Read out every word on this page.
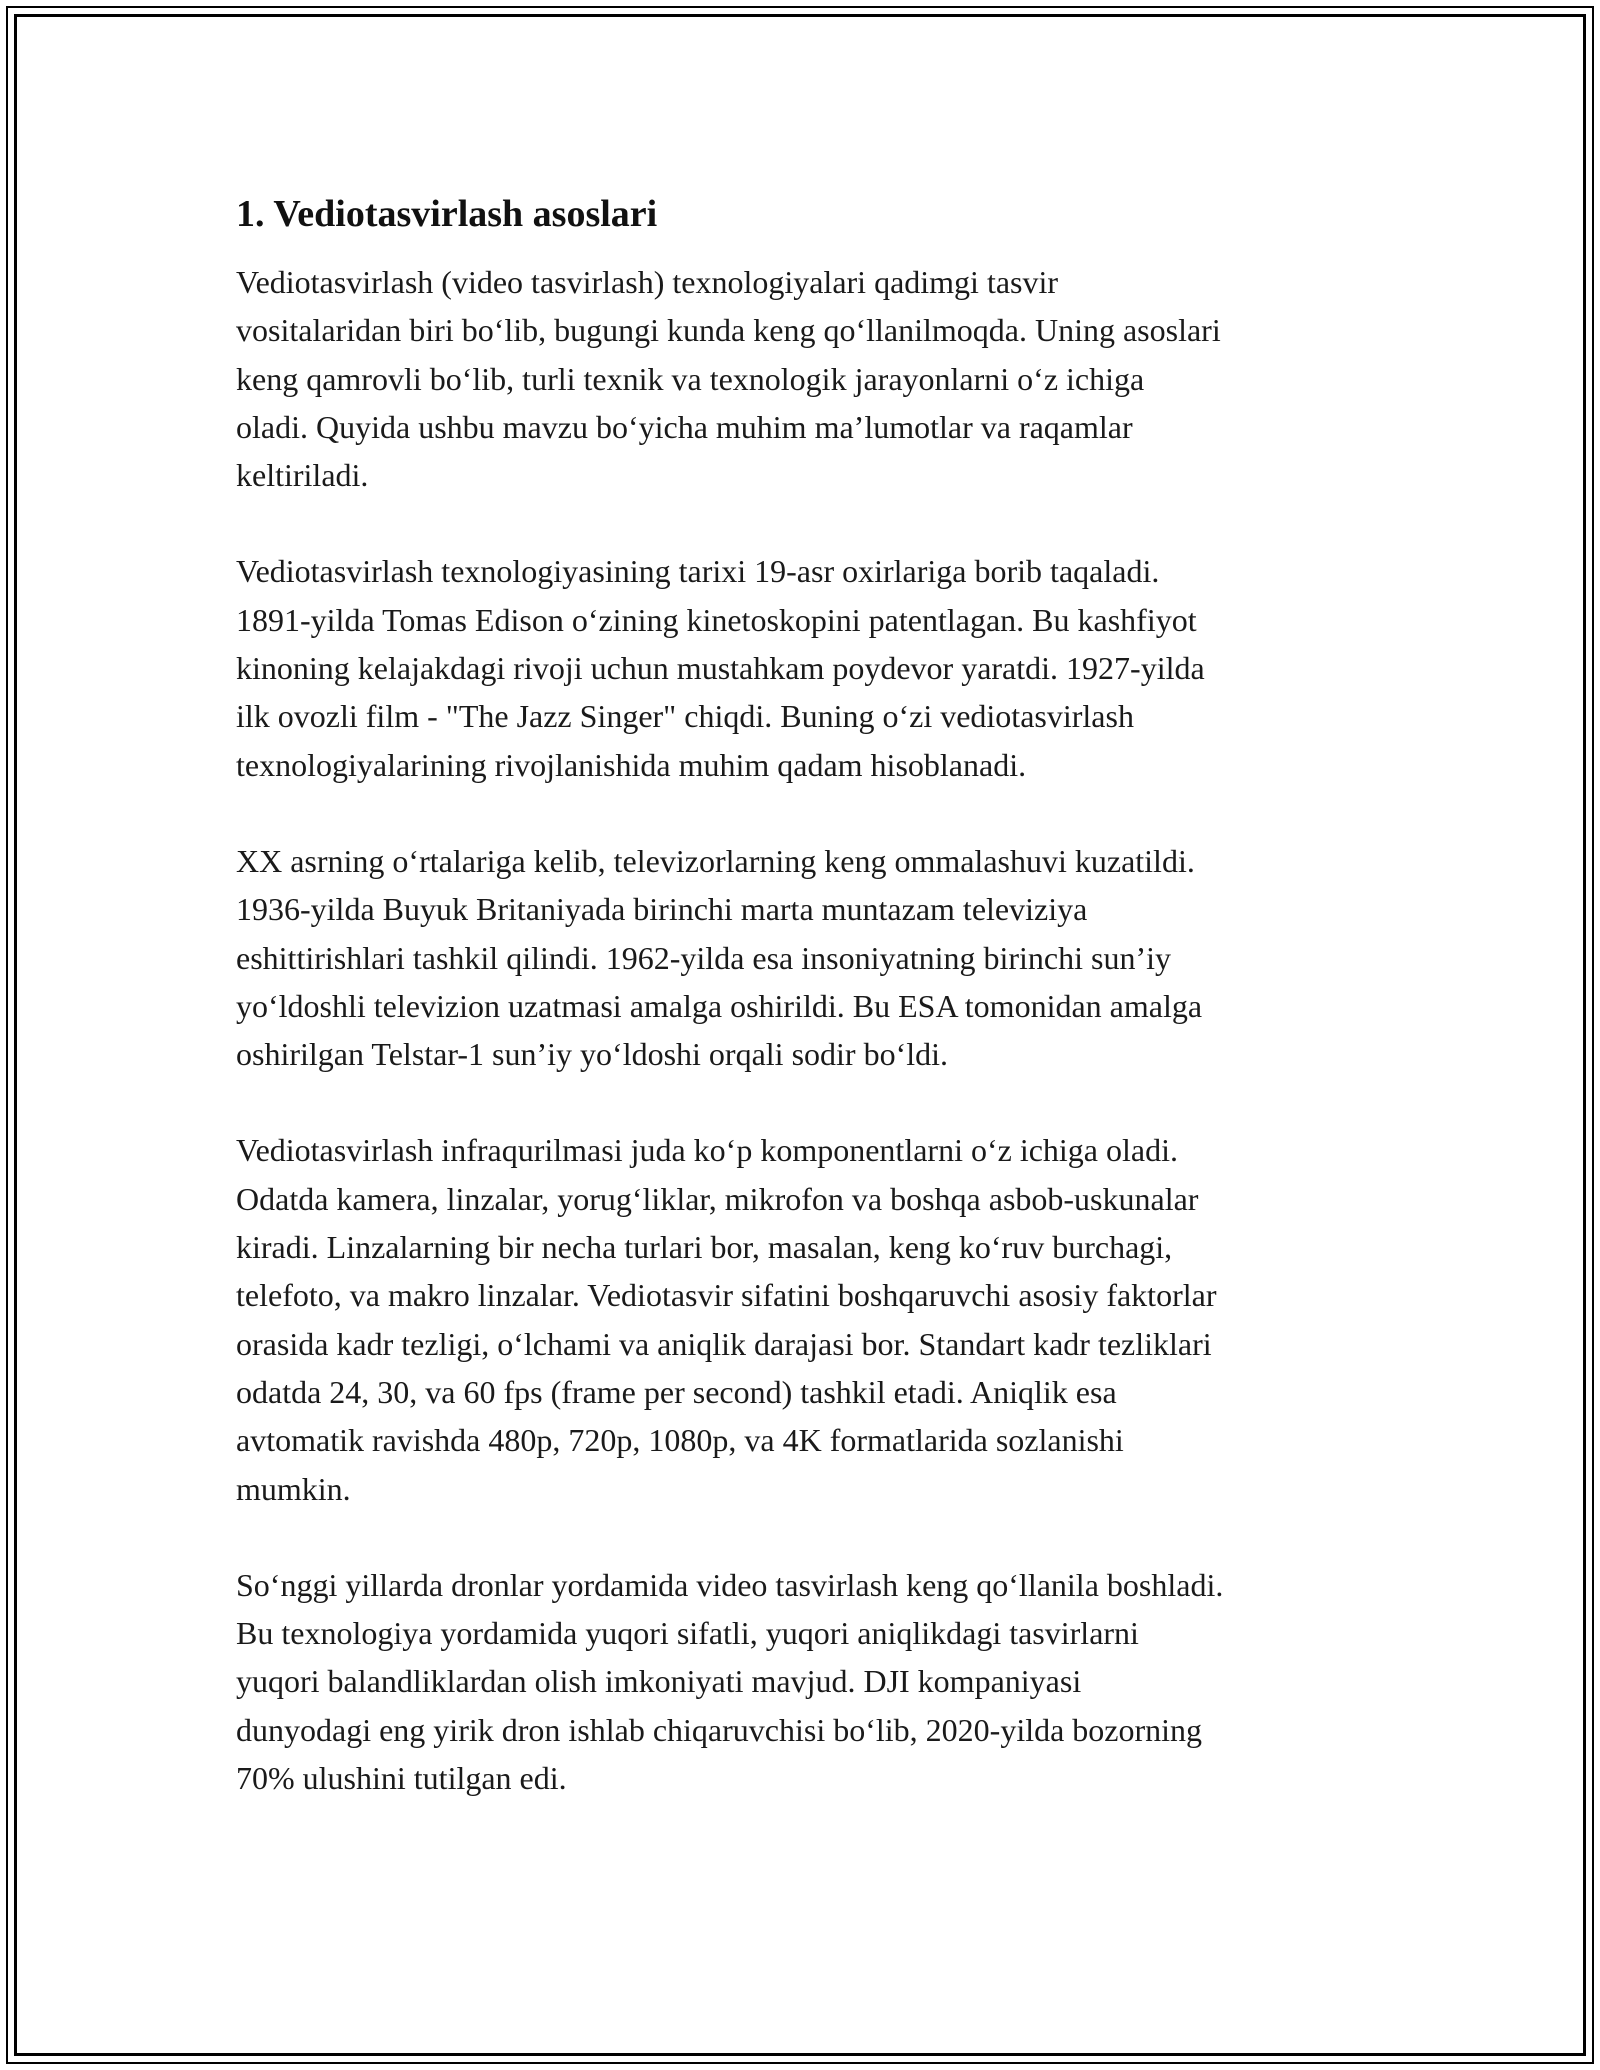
1. Vediotasvirlash asoslari

Vediotasvirlash (video tasvirlash) texnologiyalari qadimgi tasvir
vositalaridan biri bo‘lib, bugungi kunda keng qo‘llanilmoqda. Uning asoslari
keng qamrovli bo‘lib, turli texnik va texnologik jarayonlarni o‘z ichiga
oladi. Quyida ushbu mavzu bo‘yicha muhim ma’lumotlar va raqamlar
keltiriladi.

Vediotasvirlash texnologiyasining tarixi 19-asr oxirlariga borib taqaladi.
1891-yilda Tomas Edison o‘zining kinetoskopini patentlagan. Bu kashfiyot
kinoning kelajakdagi rivoji uchun mustahkam poydevor yaratdi. 1927-yilda
ilk ovozli film - "The Jazz Singer" chiqdi. Buning o‘zi vediotasvirlash
texnologiyalarining rivojlanishida muhim qadam hisoblanadi.

XX asrning o‘rtalariga kelib, televizorlarning keng ommalashuvi kuzatildi.
1936-yilda Buyuk Britaniyada birinchi marta muntazam televiziya
eshittirishlari tashkil qilindi. 1962-yilda esa insoniyatning birinchi sun’iy
yo‘ldoshli televizion uzatmasi amalga oshirildi. Bu ESA tomonidan amalga
oshirilgan Telstar-1 sun’iy yo‘ldoshi orqali sodir bo‘ldi.

Vediotasvirlash infraqurilmasi juda ko‘p komponentlarni o‘z ichiga oladi.
Odatda kamera, linzalar, yorug‘liklar, mikrofon va boshqa asbob-uskunalar
kiradi. Linzalarning bir necha turlari bor, masalan, keng ko‘ruv burchagi,
telefoto, va makro linzalar. Vediotasvir sifatini boshqaruvchi asosiy faktorlar
orasida kadr tezligi, o‘lchami va aniqlik darajasi bor. Standart kadr tezliklari
odatda 24, 30, va 60 fps (frame per second) tashkil etadi. Aniqlik esa
avtomatik ravishda 480p, 720p, 1080p, va 4K formatlarida sozlanishi
mumkin.

So‘nggi yillarda dronlar yordamida video tasvirlash keng qo‘llanila boshladi.
Bu texnologiya yordamida yuqori sifatli, yuqori aniqlikdagi tasvirlarni
yuqori balandliklardan olish imkoniyati mavjud. DJI kompaniyasi
dunyodagi eng yirik dron ishlab chiqaruvchisi bo‘lib, 2020-yilda bozorning
70% ulushini tutilgan edi.
